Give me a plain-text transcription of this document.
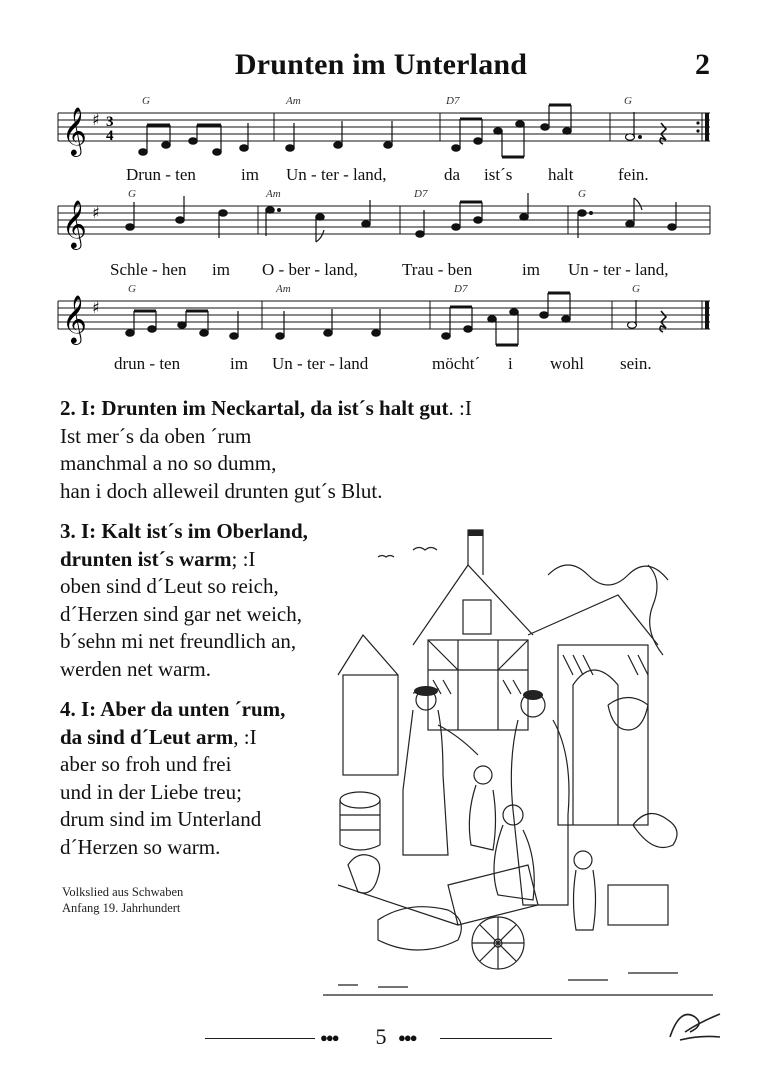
Drunten im Unterland	2
𝄞 ♯ 3
4
G	Am	D7	G
Drun - ten	im Un - ter - land,	da ist´s halt	fein.
𝄞 ♯
G	Am	D7	G
Schle - hen im O - ber - land,	Trau - ben	im Un - ter - land,
𝄞 ♯
G	Am	D7	G
drun - ten	im Un - ter - land	möcht´ i wohl sein.
2. I: Drunten im Neckartal, da ist´s halt gut. :I
Ist mer´s da oben ´rum
manchmal a no so dumm,
han i doch alleweil drunten gut´s Blut.
3. I: Kalt ist´s im Oberland,
drunten ist´s warm; :I
oben sind d´Leut so reich,
d´Herzen sind gar net weich,
b´sehn mi net freundlich an,
werden net warm.
4. I: Aber da unten ´rum,
da sind d´Leut arm, :I
aber so froh und frei
und in der Liebe treu;
drum sind im Unterland
d´Herzen so warm.
Volkslied aus Schwaben
Anfang 19. Jahrhundert
●●●	5 ●●●
